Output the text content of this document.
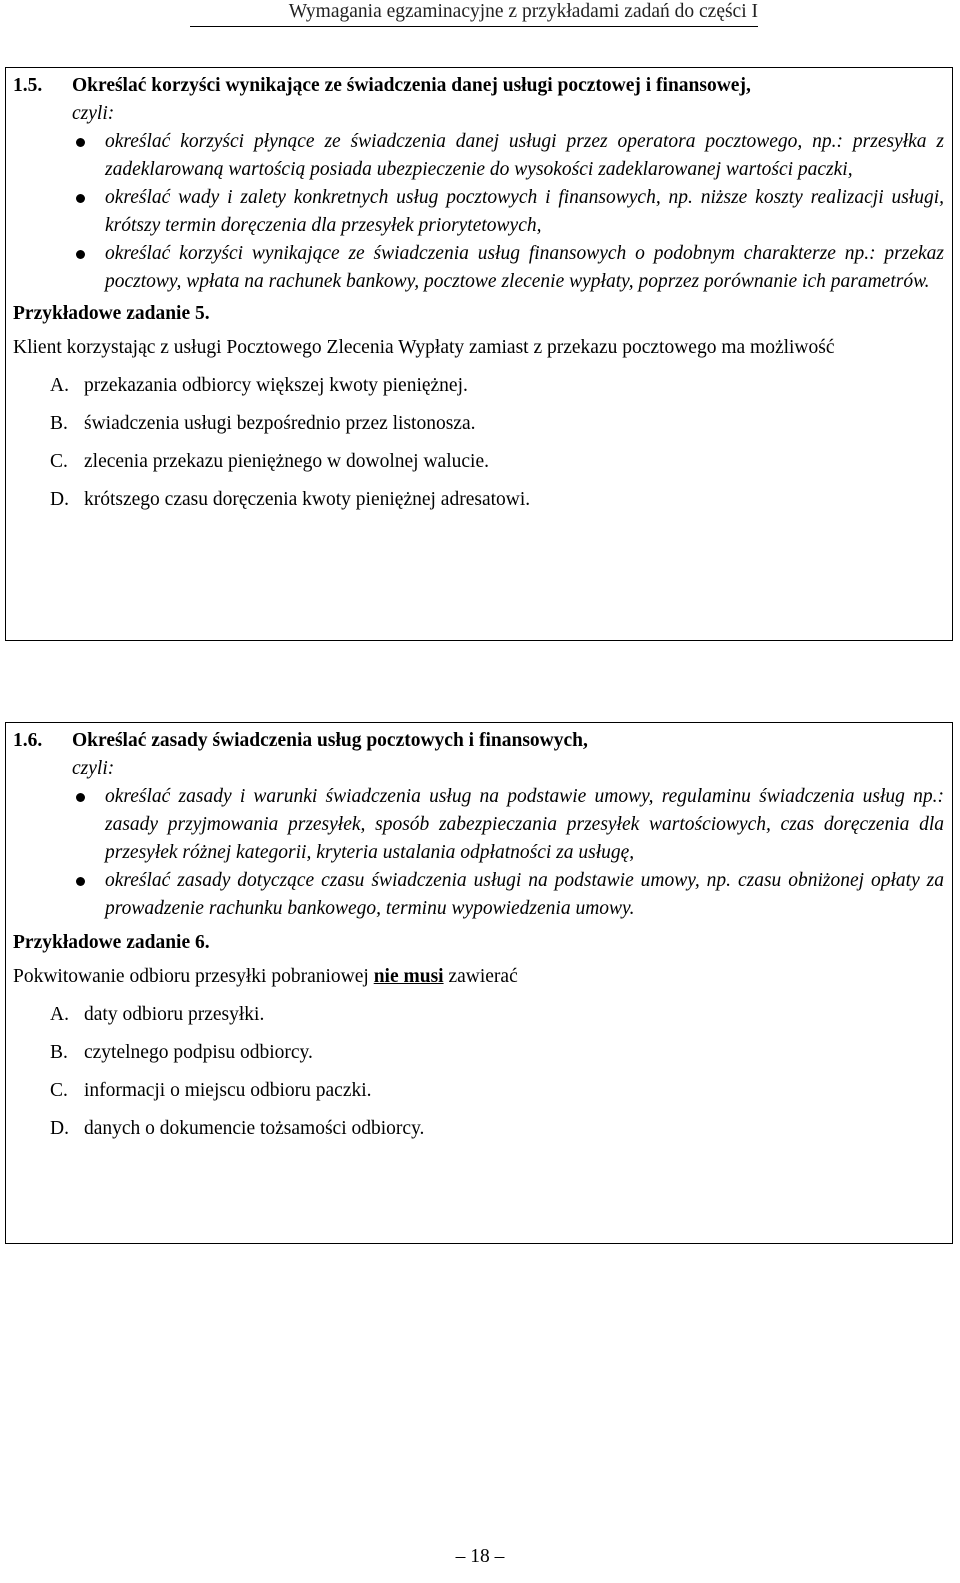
Wymagania egzaminacyjne z przykładami zadań do części I

1.5. Określać korzyści wynikające ze świadczenia danej usługi pocztowej i finansowej,

czyli:

określać korzyści płynące ze świadczenia danej usługi przez operatora pocztowego, np.: przesyłka z zadeklarowaną wartością posiada ubezpieczenie do wysokości zadeklarowanej wartości paczki,
określać wady i zalety konkretnych usług pocztowych i finansowych, np. niższe koszty realizacji usługi, krótszy termin doręczenia dla przesyłek priorytetowych,
określać korzyści wynikające ze świadczenia usług finansowych o podobnym charakterze np.: przekaz pocztowy, wpłata na rachunek bankowy, pocztowe zlecenie wypłaty, poprzez porównanie ich parametrów.

Przykładowe zadanie 5.

Klient korzystając z usługi Pocztowego Zlecenia Wypłaty zamiast z przekazu pocztowego ma możliwość

A. przekazania odbiorcy większej kwoty pieniężnej.
B. świadczenia usługi bezpośrednio przez listonosza.
C. zlecenia przekazu pieniężnego w dowolnej walucie.
D. krótszego czasu doręczenia kwoty pieniężnej adresatowi.

1.6. Określać zasady świadczenia usług pocztowych i finansowych,

czyli:

określać zasady i warunki świadczenia usług na podstawie umowy, regulaminu świadczenia usług np.: zasady przyjmowania przesyłek, sposób zabezpieczania przesyłek wartościowych, czas doręczenia dla przesyłek różnej kategorii, kryteria ustalania odpłatności za usługę,
określać zasady dotyczące czasu świadczenia usługi na podstawie umowy, np. czasu obniżonej opłaty za prowadzenie rachunku bankowego, terminu wypowiedzenia umowy.

Przykładowe zadanie 6.

Pokwitowanie odbioru przesyłki pobraniowej nie musi zawierać

A. daty odbioru przesyłki.
B. czytelnego podpisu odbiorcy.
C. informacji o miejscu odbioru paczki.
D. danych o dokumencie tożsamości odbiorcy.
– 18 –
